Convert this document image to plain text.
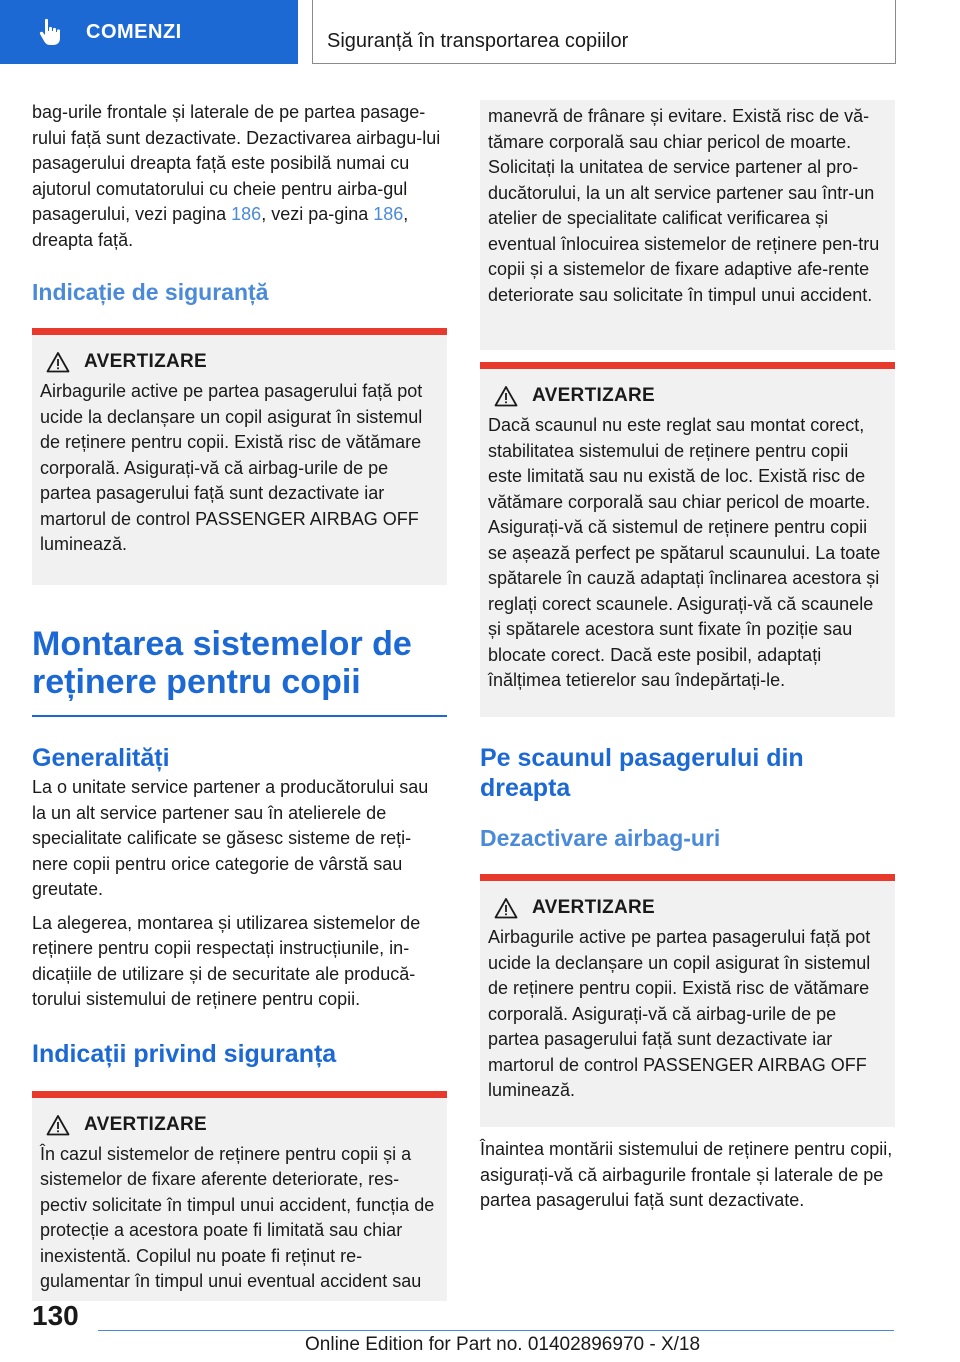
COMENZI	Siguranță în transportarea copiilor

bag-urile frontale și laterale de pe partea pasage-rului față sunt dezactivate. Dezactivarea airbagu-lui pasagerului dreapta față este posibilă numai cu ajutorul comutatorului cu cheie pentru airba-gul pasagerului, vezi pagina 186, vezi pa-gina 186, dreapta față.

Indicație de siguranță
AVERTIZARE

Airbagurile active pe partea pasagerului față pot ucide la declanșare un copil asigurat în sistemul de reținere pentru copii. Există risc de vătămare corporală. Asigurați-vă că airbag-urile de pe partea pasagerului față sunt dezactivate iar martorul de control PASSENGER AIRBAG OFF luminează.

Montarea sistemelor de reținere pentru copii
Generalități

La o unitate service partener a producătorului sau la un alt service partener sau în atelierele de specialitate calificate se găsesc sisteme de reți-nere copii pentru orice categorie de vârstă sau greutate.

La alegerea, montarea și utilizarea sistemelor de reținere pentru copii respectați instrucțiunile, in-dicațiile de utilizare și de securitate ale producă-torului sistemului de reținere pentru copii.

Indicații privind siguranța
AVERTIZARE

În cazul sistemelor de reținere pentru copii și a sistemelor de fixare aferente deteriorate, res-pectiv solicitate în timpul unui accident, funcția de protecție a acestora poate fi limitată sau chiar inexistentă. Copilul nu poate fi reținut re-gulamentar în timpul unui eventual accident sau

manevră de frânare și evitare. Există risc de vă-tămare corporală sau chiar pericol de moarte. Solicitați la unitatea de service partener al pro-ducătorului, la un alt service partener sau într-un atelier de specialitate calificat verificarea și eventual înlocuirea sistemelor de reținere pen-tru copii și a sistemelor de fixare adaptive afe-rente deteriorate sau solicitate în timpul unui accident.

AVERTIZARE

Dacă scaunul nu este reglat sau montat corect, stabilitatea sistemului de reținere pentru copii este limitată sau nu există de loc. Există risc de vătămare corporală sau chiar pericol de moarte. Asigurați-vă că sistemul de reținere pentru copii se așează perfect pe spătarul scaunului. La toate spătarele în cauză adaptați înclinarea acestora și reglați corect scaunele. Asigurați-vă că scaunele și spătarele acestora sunt fixate în poziție sau blocate corect. Dacă este posibil, adaptați înălțimea tetierelor sau îndepărtați-le.

Pe scaunul pasagerului din dreapta
Dezactivare airbag-uri
AVERTIZARE

Airbagurile active pe partea pasagerului față pot ucide la declanșare un copil asigurat în sistemul de reținere pentru copii. Există risc de vătămare corporală. Asigurați-vă că airbag-urile de pe partea pasagerului față sunt dezactivate iar martorul de control PASSENGER AIRBAG OFF luminează.

Înaintea montării sistemului de reținere pentru copii, asigurați-vă că airbagurile frontale și laterale de pe partea pasagerului față sunt dezactivate.

130
Online Edition for Part no. 01402896970 - X/18
